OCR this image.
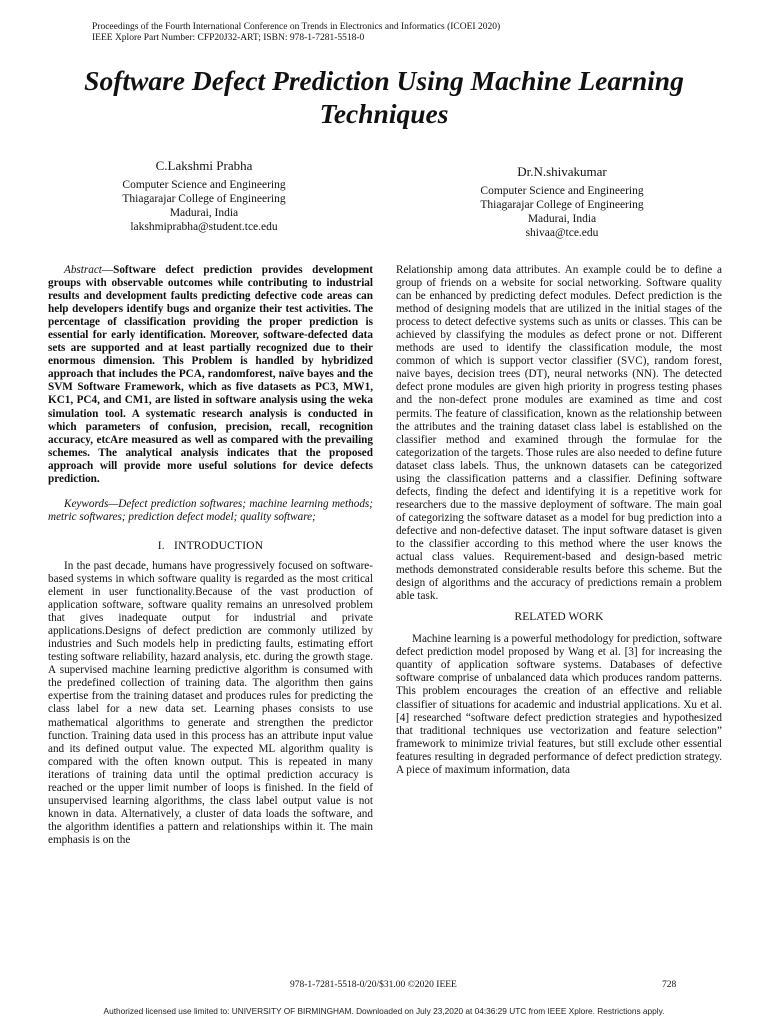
Proceedings of the Fourth International Conference on Trends in Electronics and Informatics (ICOEI 2020)
IEEE Xplore Part Number: CFP20J32-ART; ISBN: 978-1-7281-5518-0
Software Defect Prediction Using Machine Learning Techniques
C.Lakshmi Prabha
Computer Science and Engineering
Thiagarajar College of Engineering
Madurai, India
lakshmiprabha@student.tce.edu
Dr.N.shivakumar
Computer Science and Engineering
Thiagarajar College of Engineering
Madurai, India
shivaa@tce.edu

Abstract—Software defect prediction provides development groups with observable outcomes while contributing to industrial results and development faults predicting defective code areas can help developers identify bugs and organize their test activities. The percentage of classification providing the proper prediction is essential for early identification. Moreover, software-defected data sets are supported and at least partially recognized due to their enormous dimension. This Problem is handled by hybridized approach that includes the PCA, randomforest, naïve bayes and the SVM Software Framework, which as five datasets as PC3, MW1, KC1, PC4, and CM1, are listed in software analysis using the weka simulation tool. A systematic research analysis is conducted in which parameters of confusion, precision, recall, recognition accuracy, etcAre measured as well as compared with the prevailing schemes. The analytical analysis indicates that the proposed approach will provide more useful solutions for device defects prediction.

Keywords—Defect prediction softwares; machine learning methods; metric softwares; prediction defect model; quality software;

I. INTRODUCTION

In the past decade, humans have progressively focused on software-based systems in which software quality is regarded as the most critical element in user functionality.Because of the vast production of application software, software quality remains an unresolved problem that gives inadequate output for industrial and private applications.Designs of defect prediction are commonly utilized by industries and Such models help in predicting faults, estimating effort testing software reliability, hazard analysis, etc. during the growth stage. A supervised machine learning predictive algorithm is consumed with the predefined collection of training data. The algorithm then gains expertise from the training dataset and produces rules for predicting the class label for a new data set. Learning phases consists to use mathematical algorithms to generate and strengthen the predictor function. Training data used in this process has an attribute input value and its defined output value. The expected ML algorithm quality is compared with the often known output. This is repeated in many iterations of training data until the optimal prediction accuracy is reached or the upper limit number of loops is finished. In the field of unsupervised learning algorithms, the class label output value is not known in data. Alternatively, a cluster of data loads the software, and the algorithm identifies a pattern and relationships within it. The main emphasis is on the

Relationship among data attributes. An example could be to define a group of friends on a website for social networking. Software quality can be enhanced by predicting defect modules. Defect prediction is the method of designing models that are utilized in the initial stages of the process to detect defective systems such as units or classes. This can be achieved by classifying the modules as defect prone or not. Different methods are used to identify the classification module, the most common of which is support vector classifier (SVC), random forest, naive bayes, decision trees (DT), neural networks (NN). The detected defect prone modules are given high priority in progress testing phases and the non-defect prone modules are examined as time and cost permits. The feature of classification, known as the relationship between the attributes and the training dataset class label is established on the classifier method and examined through the formulae for the categorization of the targets. Those rules are also needed to define future dataset class labels. Thus, the unknown datasets can be categorized using the classification patterns and a classifier. Defining software defects, finding the defect and identifying it is a repetitive work for researchers due to the massive deployment of software. The main goal of categorizing the software dataset as a model for bug prediction into a defective and non-defective dataset. The input software dataset is given to the classifier according to this method where the user knows the actual class values. Requirement-based and design-based metric methods demonstrated considerable results before this scheme. But the design of algorithms and the accuracy of predictions remain a problem able task.

RELATED WORK

Machine learning is a powerful methodology for prediction, software defect prediction model proposed by Wang et al. [3] for increasing the quantity of application software systems. Databases of defective software comprise of unbalanced data which produces random patterns. This problem encourages the creation of an effective and reliable classifier of situations for academic and industrial applications. Xu et al. [4] researched “software defect prediction strategies and hypothesized that traditional techniques use vectorization and feature selection” framework to minimize trivial features, but still exclude other essential features resulting in degraded performance of defect prediction strategy. A piece of maximum information, data

978-1-7281-5518-0/20/$31.00 ©2020 IEEE	728
Authorized licensed use limited to: UNIVERSITY OF BIRMINGHAM. Downloaded on July 23,2020 at 04:36:29 UTC from IEEE Xplore. Restrictions apply.
